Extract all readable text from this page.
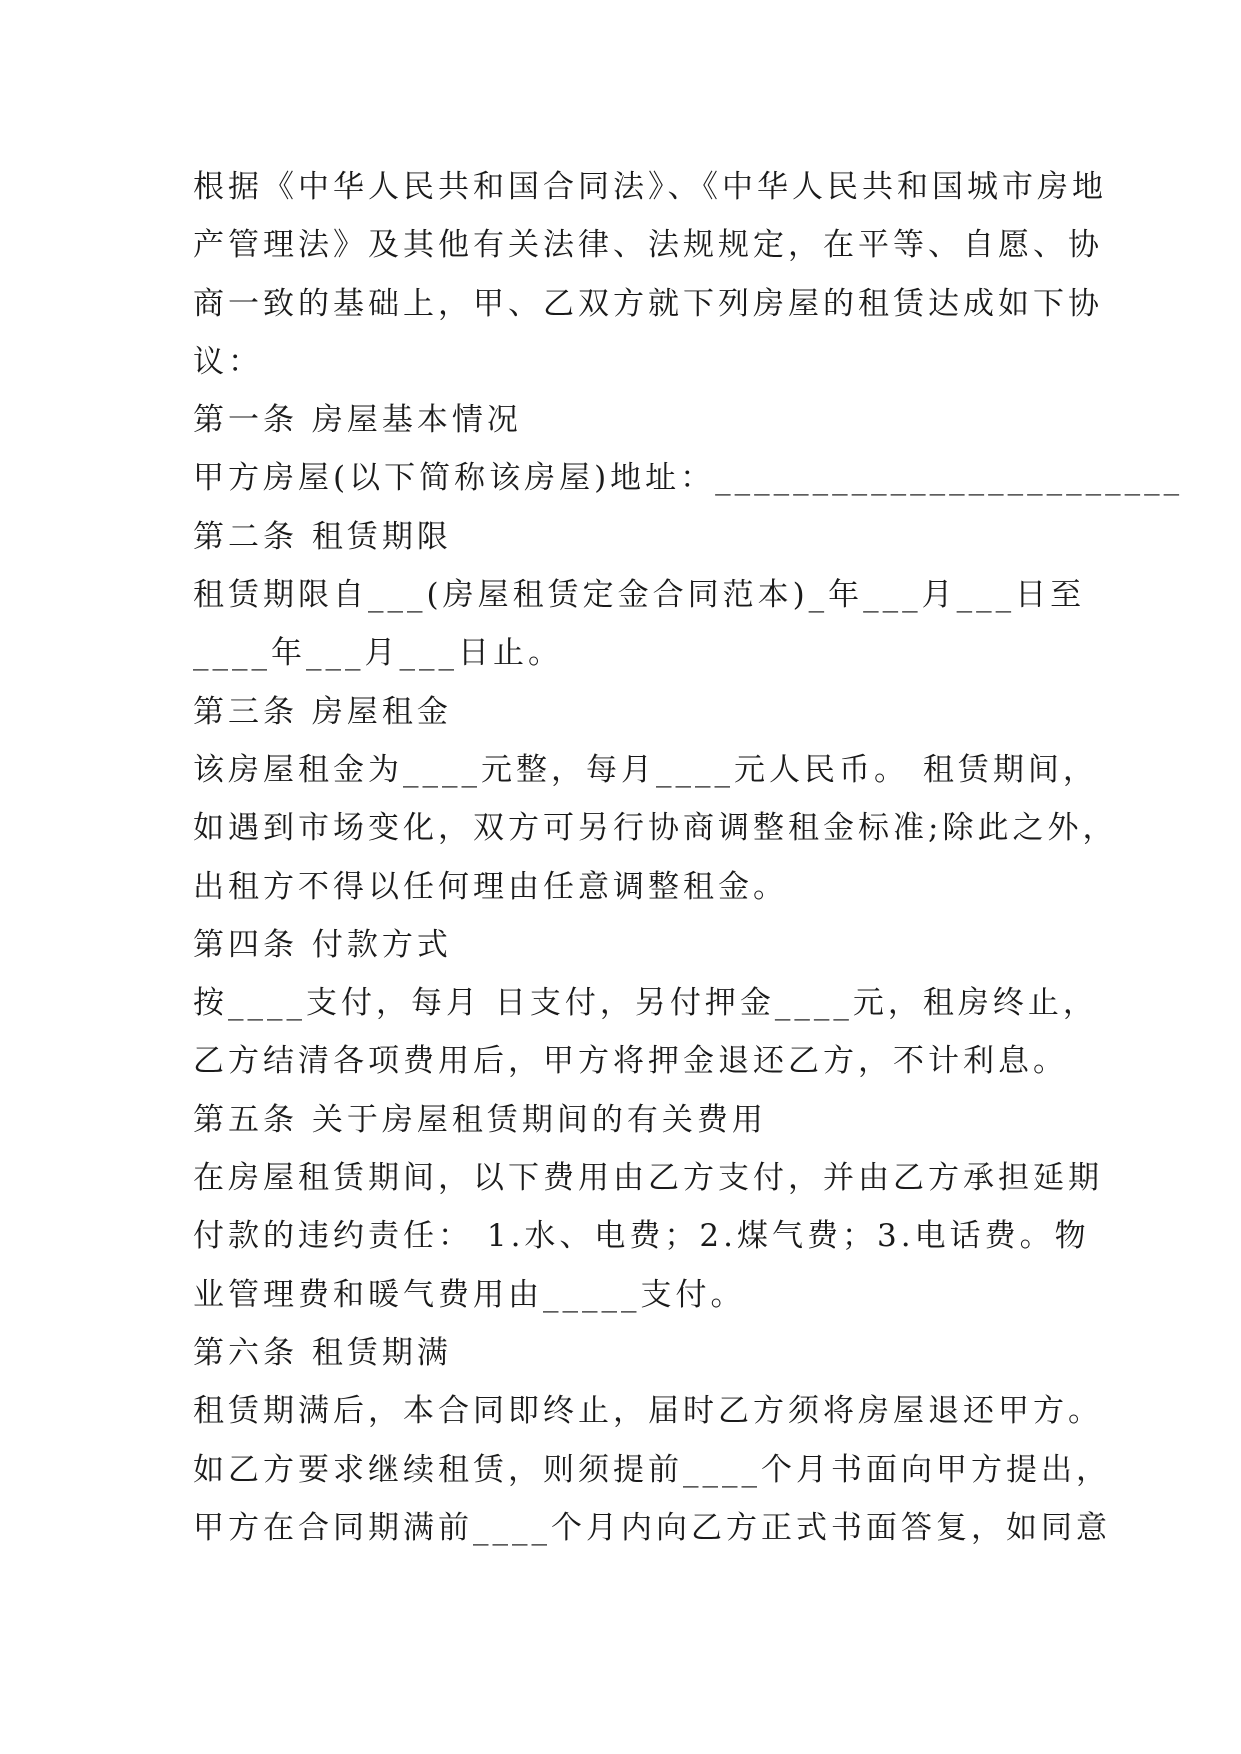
根据《中华人民共和国合同法》、《中华人民共和国城市房地
产管理法》及其他有关法律、法规规定，在平等、自愿、协
商一致的基础上，甲、乙双方就下列房屋的租赁达成如下协
议：
第一条 房屋基本情况
甲方房屋(以下简称该房屋)地址：________________________
第二条 租赁期限
租赁期限自___(房屋租赁定金合同范本)_年___月___日至
____年___月___日止。
第三条 房屋租金
该房屋租金为____元整，每月____元人民币。 租赁期间，
如遇到市场变化，双方可另行协商调整租金标准;除此之外，
出租方不得以任何理由任意调整租金。
第四条 付款方式
按____支付，每月 日支付，另付押金____元，租房终止，
乙方结清各项费用后，甲方将押金退还乙方，不计利息。
第五条 关于房屋租赁期间的有关费用
在房屋租赁期间，以下费用由乙方支付，并由乙方承担延期
付款的违约责任： 1.水、电费；2.煤气费；3.电话费。物
业管理费和暖气费用由_____支付。
第六条 租赁期满
租赁期满后，本合同即终止，届时乙方须将房屋退还甲方。
如乙方要求继续租赁，则须提前____个月书面向甲方提出，
甲方在合同期满前____个月内向乙方正式书面答复，如同意
